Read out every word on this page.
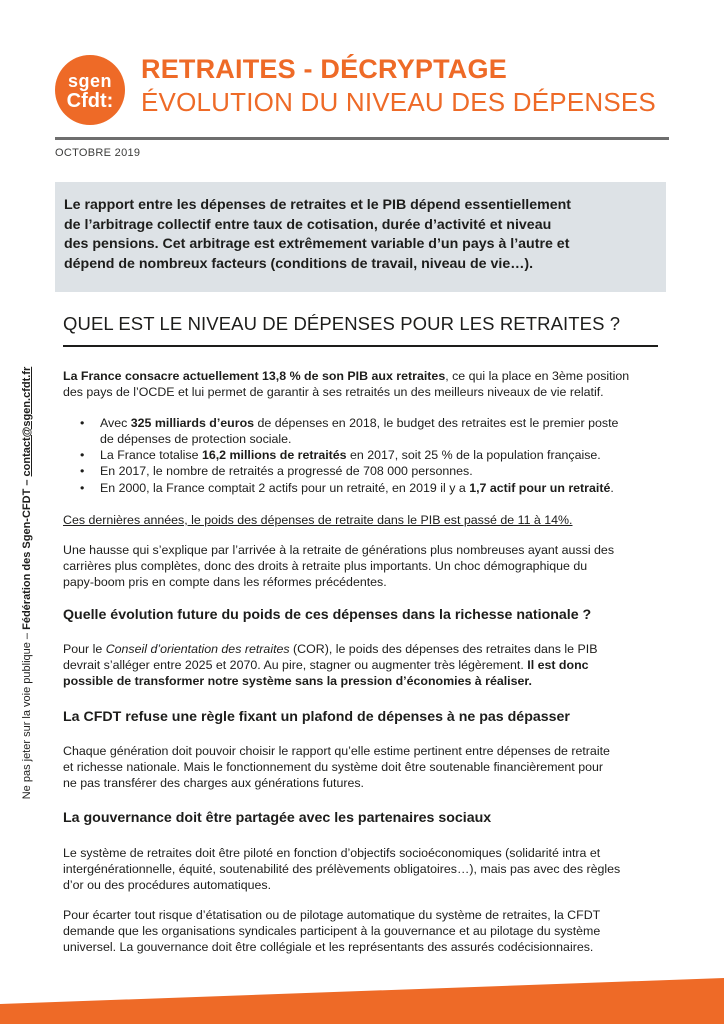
sgen
Cfdt:
RETRAITES - DÉCRYPTAGE
ÉVOLUTION DU NIVEAU DES DÉPENSES
OCTOBRE 2019

Le rapport entre les dépenses de retraites et le PIB dépend essentiellement

de l’arbitrage collectif entre taux de cotisation, durée d’activité et niveau

des pensions. Cet arbitrage est extrêmement variable d’un pays à l’autre et

dépend de nombreux facteurs (conditions de travail, niveau de vie…).

Ne pas jeter sur la voie publique – Fédération des Sgen-CFDT – contact@sgen.cfdt.fr
QUEL EST LE NIVEAU DE DÉPENSES POUR LES RETRAITES ?
La France consacre actuellement 13,8 % de son PIB aux retraites, ce qui la place en 3ème position
des pays de l’OCDE et lui permet de garantir à ses retraités un des meilleurs niveaux de vie relatif.
•	Avec 325 milliards d’euros de dépenses en 2018, le budget des retraites est le premier poste
de dépenses de protection sociale.
•	La France totalise 16,2 millions de retraités en 2017, soit 25 % de la population française.
•	En 2017, le nombre de retraités a progressé de 708 000 personnes.
•	En 2000, la France comptait 2 actifs pour un retraité, en 2019 il y a 1,7 actif pour un retraité.
Ces dernières années, le poids des dépenses de retraite dans le PIB est passé de 11 à 14%.
Une hausse qui s’explique par l’arrivée à la retraite de générations plus nombreuses ayant aussi des
carrières plus complètes, donc des droits à retraite plus importants. Un choc démographique du
papy-boom pris en compte dans les réformes précédentes.
Quelle évolution future du poids de ces dépenses dans la richesse nationale ?
Pour le Conseil d’orientation des retraites (COR), le poids des dépenses des retraites dans le PIB
devrait s’alléger entre 2025 et 2070. Au pire, stagner ou augmenter très légèrement. Il est donc
possible de transformer notre système sans la pression d’économies à réaliser.
La CFDT refuse une règle fixant un plafond de dépenses à ne pas dépasser
Chaque génération doit pouvoir choisir le rapport qu’elle estime pertinent entre dépenses de retraite
et richesse nationale. Mais le fonctionnement du système doit être soutenable financièrement pour
ne pas transférer des charges aux générations futures.
La gouvernance doit être partagée avec les partenaires sociaux
Le système de retraites doit être piloté en fonction d’objectifs socioéconomiques (solidarité intra et
intergénérationnelle, équité, soutenabilité des prélèvements obligatoires…), mais pas avec des règles
d’or ou des procédures automatiques.
Pour écarter tout risque d’étatisation ou de pilotage automatique du système de retraites, la CFDT
demande que les organisations syndicales participent à la gouvernance et au pilotage du système
universel. La gouvernance doit être collégiale et les représentants des assurés codécisionnaires.
